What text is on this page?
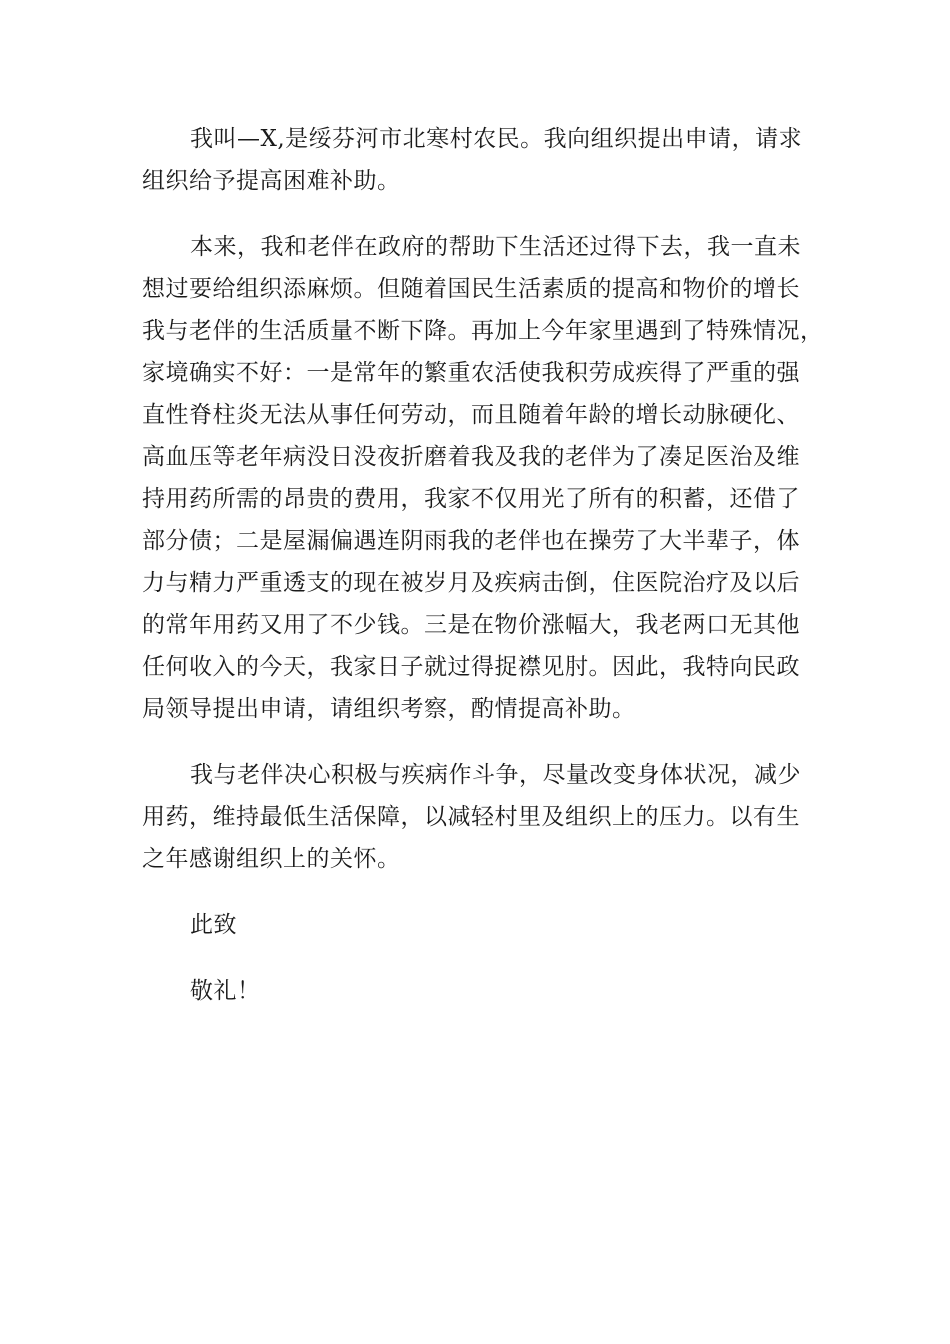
我叫—X,是绥芬河市北寒村农民。我向组织提出申请，请求
组织给予提高困难补助。
本来，我和老伴在政府的帮助下生活还过得下去，我一直未
想过要给组织添麻烦。但随着国民生活素质的提高和物价的增长
我与老伴的生活质量不断下降。再加上今年家里遇到了特殊情况，
家境确实不好：一是常年的繁重农活使我积劳成疾得了严重的强
直性脊柱炎无法从事任何劳动，而且随着年龄的增长动脉硬化、
高血压等老年病没日没夜折磨着我及我的老伴为了凑足医治及维
持用药所需的昂贵的费用，我家不仅用光了所有的积蓄，还借了
部分债；二是屋漏偏遇连阴雨我的老伴也在操劳了大半辈子，体
力与精力严重透支的现在被岁月及疾病击倒，住医院治疗及以后
的常年用药又用了不少钱。三是在物价涨幅大，我老两口无其他
任何收入的今天，我家日子就过得捉襟见肘。因此，我特向民政
局领导提出申请，请组织考察，酌情提高补助。
我与老伴决心积极与疾病作斗争，尽量改变身体状况，减少
用药，维持最低生活保障，以减轻村里及组织上的压力。以有生
之年感谢组织上的关怀。
此致
敬礼！
